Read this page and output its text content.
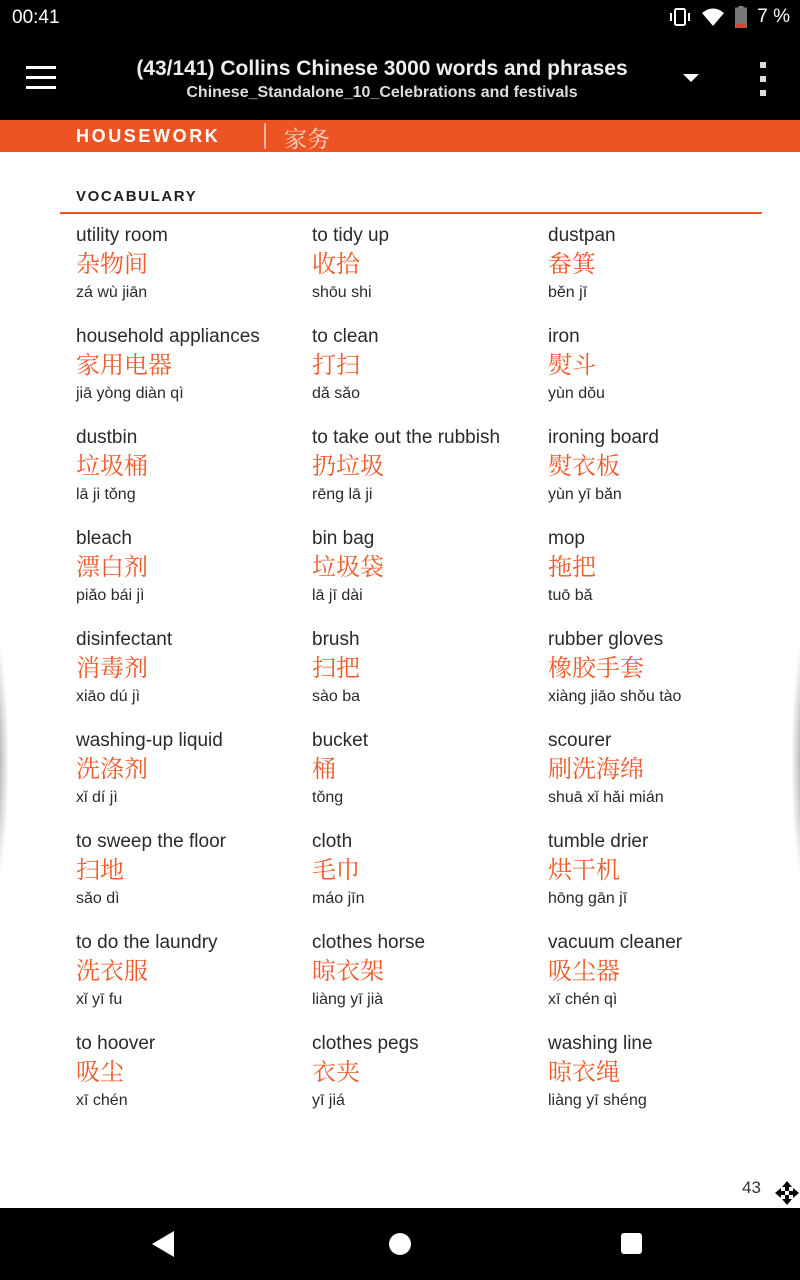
00:41	7 %
(43/141) Collins Chinese 3000 words and phrases
Chinese_Standalone_10_Celebrations and festivals
HOUSEWORK	家务
VOCABULARY
utility room
杂物间
zá wù jiān
to tidy up
收拾
shōu shi
dustpan
畚箕
běn jī
household appliances
家用电器
jiā yòng diàn qì
to clean
打扫
dǎ sǎo
iron
熨斗
yùn dǒu
dustbin
垃圾桶
lā ji tǒng
to take out the rubbish
扔垃圾
rēng lā ji
ironing board
熨衣板
yùn yī bǎn
bleach
漂白剂
piǎo bái jì
bin bag
垃圾袋
lā jī dài
mop
拖把
tuō bǎ
disinfectant
消毒剂
xiāo dú jì
brush
扫把
sào ba
rubber gloves
橡胶手套
xiàng jiāo shǒu tào
washing-up liquid
洗涤剂
xǐ dí jì
bucket
桶
tǒng
scourer
刷洗海绵
shuā xǐ hǎi mián
to sweep the floor
扫地
sǎo dì
cloth
毛巾
máo jīn
tumble drier
烘干机
hōng gān jī
to do the laundry
洗衣服
xǐ yī fu
clothes horse
晾衣架
liàng yī jià
vacuum cleaner
吸尘器
xī chén qì
to hoover
吸尘
xī chén
clothes pegs
衣夹
yī jiá
washing line
晾衣绳
liàng yī shéng
43
